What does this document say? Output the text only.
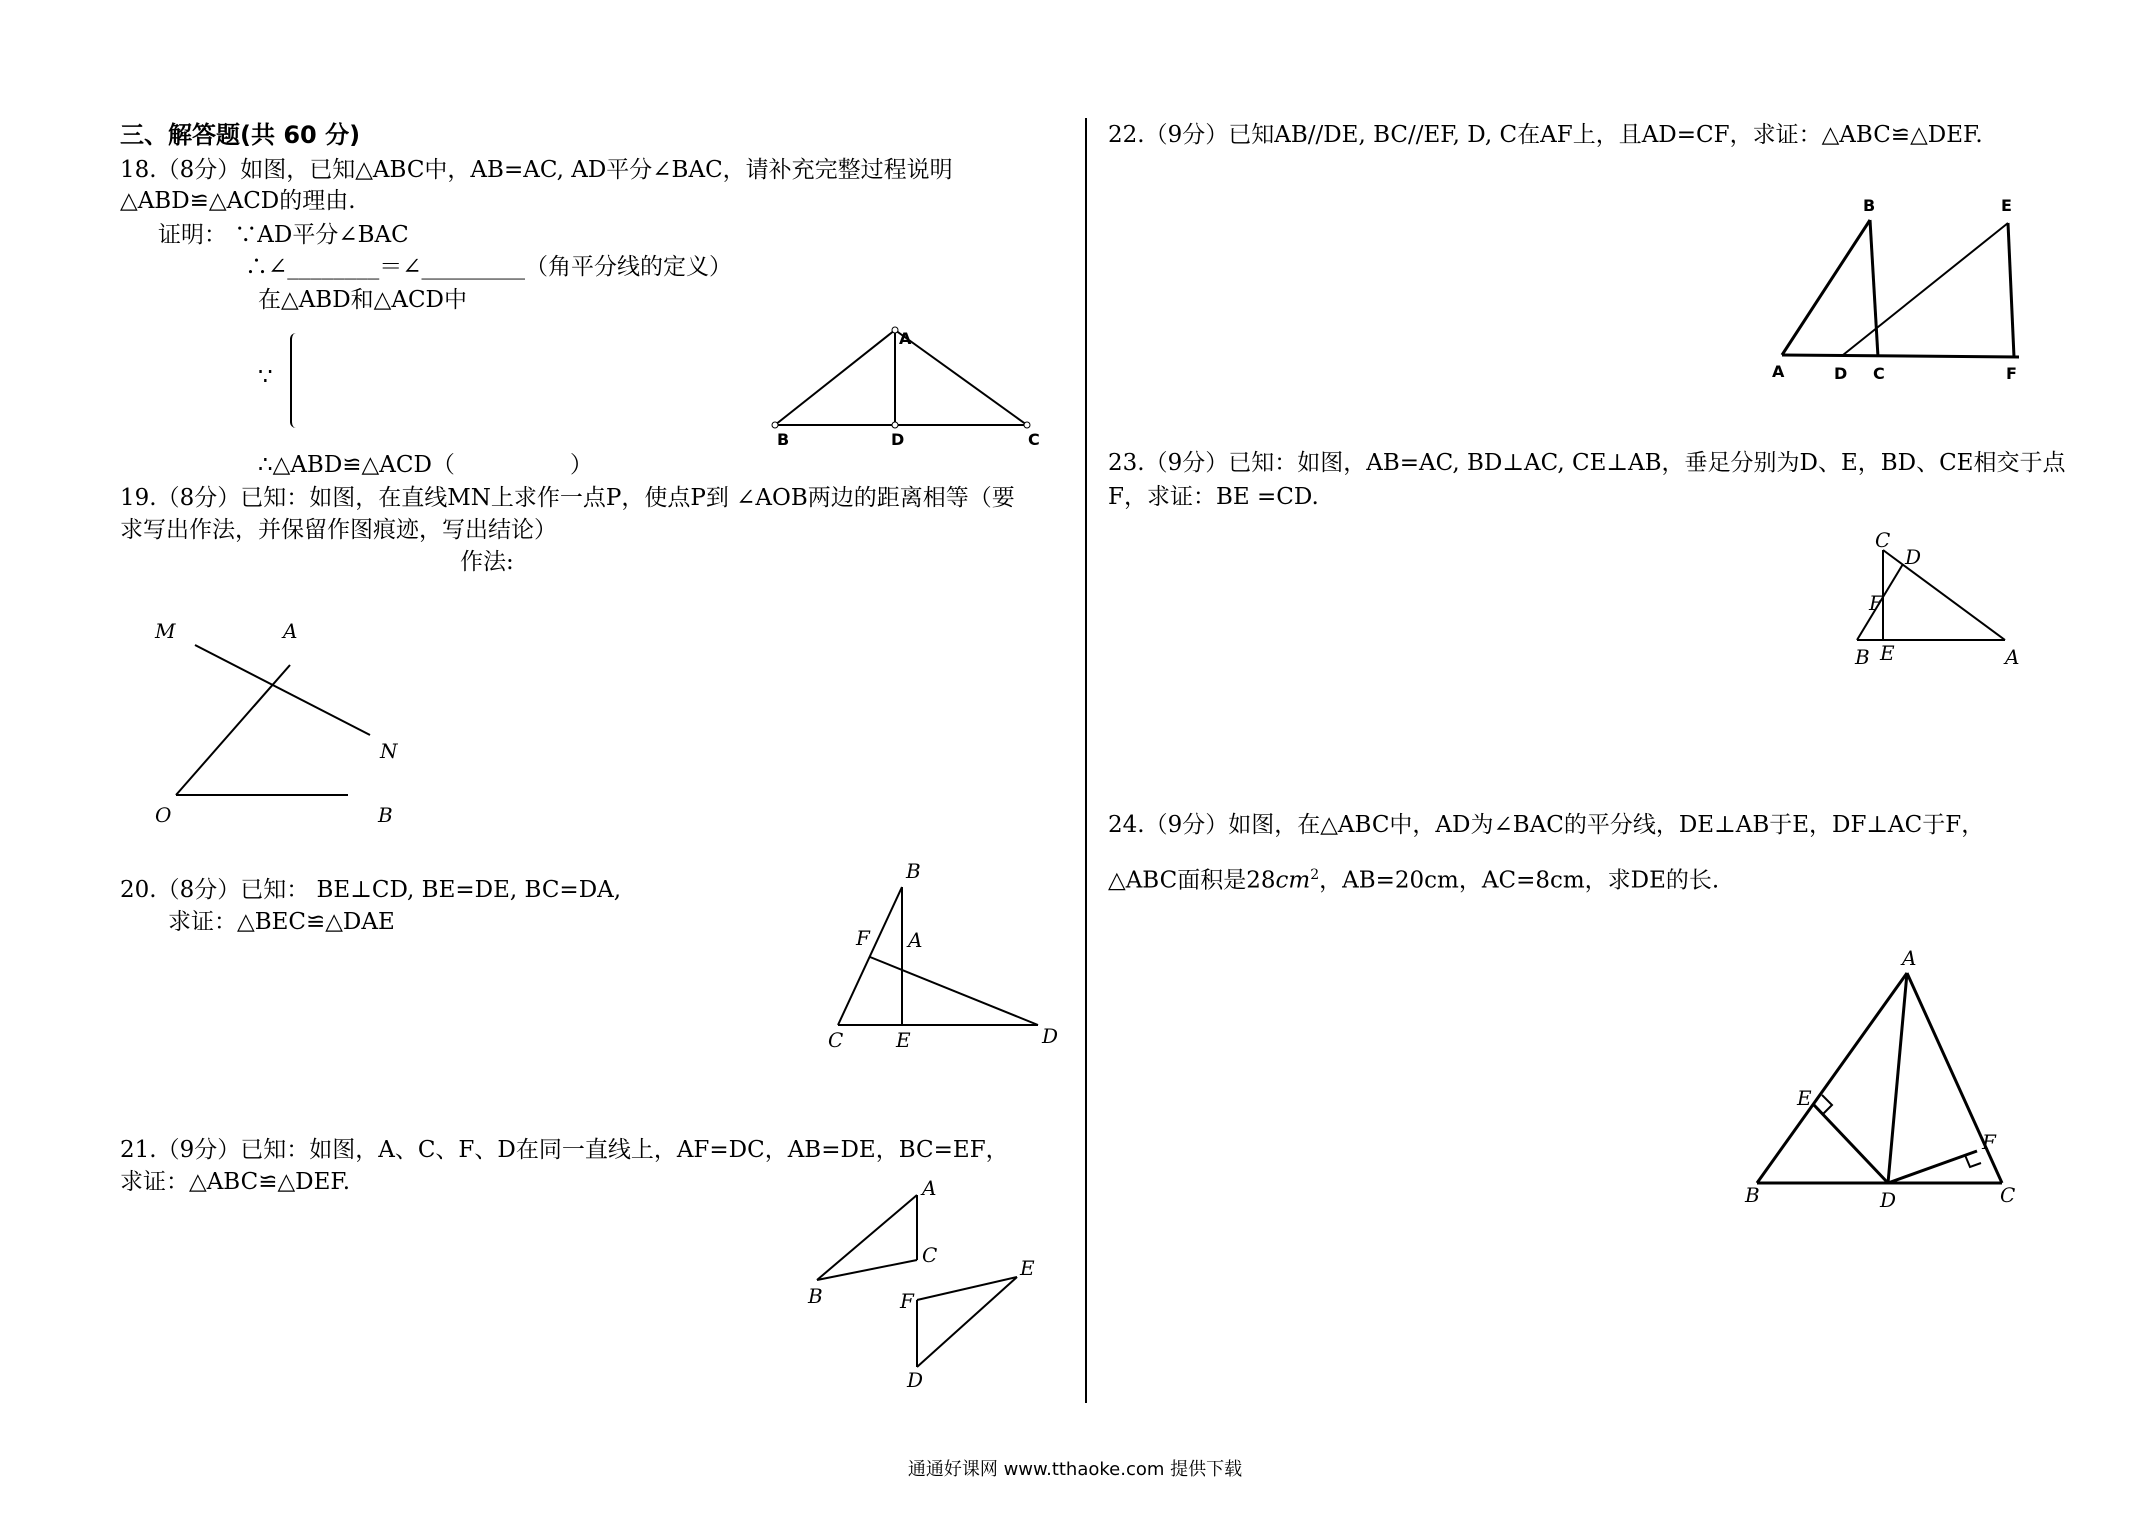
三、解答题(共 60 分)
18.（8分）如图，已知△ABC中，AB=AC, AD平分∠BAC，请补充完整过程说明
△ABD≌△ACD的理由.
证明： ∵AD平分∠BAC
∴∠________＝∠_________（角平分线的定义）
在△ABD和△ACD中
∵
∴△ABD≌△ACD（　　　　　）
A
B	D	C
19.（8分）已知：如图，在直线MN上求作一点P，使点P到 ∠AOB两边的距离相等（要
求写出作法，并保留作图痕迹，写出结论）
作法:
M	A
N
O	B
20.（8分）已知： BE⊥CD, BE=DE, BC=DA,
求证：△BEC≌△DAE
B
F A
C	E	D
21.（9分）已知：如图，A、C、F、D在同一直线上，AF=DC，AB=DE，BC=EF，
求证：△ABC≌△DEF.	A
C
B
E
F
D
22.（9分）已知AB//DE, BC//EF, D, C在AF上，且AD=CF，求证：△ABC≌△DEF.
B	E
A	D C	F
23.（9分）已知：如图，AB=AC, BD⊥AC, CE⊥AB，垂足分别为D、E，BD、CE相交于点
F，求证：BE =CD.
C
D
F
B E	A
24.（9分）如图，在△ABC中，AD为∠BAC的平分线，DE⊥AB于E，DF⊥AC于F，
△ABC面积是$28cm^2$，AB=20cm，AC=8cm，求DE的长.
A
E
F
B	D	C
通通好课网 www.tthaoke.com 提供下载
